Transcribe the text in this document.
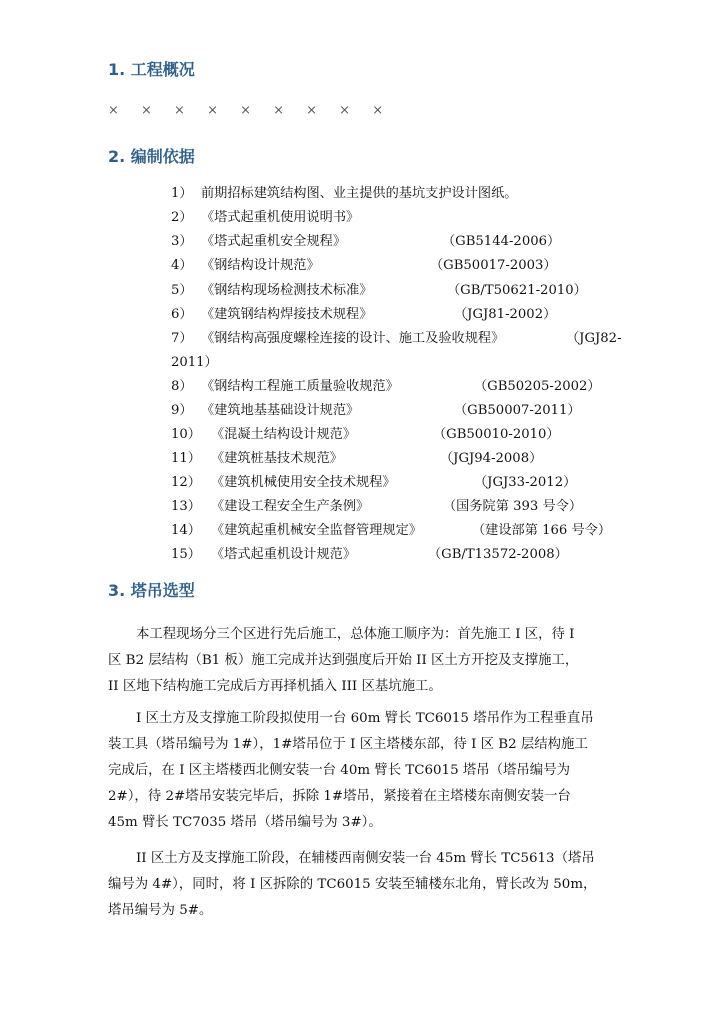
1. 工程概况
× × × × × × × × ×
2. 编制依据
1） 前期招标建筑结构图、业主提供的基坑支护设计图纸。
2） 《塔式起重机使用说明书》
3） 《塔式起重机安全规程》	（GB5144-2006）
4） 《钢结构设计规范》	（GB50017-2003）
5） 《钢结构现场检测技术标准》	（GB/T50621-2010）
6） 《建筑钢结构焊接技术规程》	（JGJ81-2002）
7） 《钢结构高强度螺栓连接的设计、施工及验收规程》	（JGJ82-
2011）
8） 《钢结构工程施工质量验收规范》	（GB50205-2002）
9） 《建筑地基基础设计规范》	（GB50007-2011）
10） 《混凝土结构设计规范》	（GB50010-2010）
11） 《建筑桩基技术规范》	（JGJ94-2008）
12） 《建筑机械使用安全技术规程》	（JGJ33-2012）
13） 《建设工程安全生产条例》	（国务院第 393 号令）
14） 《建筑起重机械安全监督管理规定》	（建设部第 166 号令）
15） 《塔式起重机设计规范》	（GB/T13572-2008）
3. 塔吊选型
本工程现场分三个区进行先后施工，总体施工顺序为：首先施工 I 区，待 I
区 B2 层结构（B1 板）施工完成并达到强度后开始 II 区土方开挖及支撑施工，
II 区地下结构施工完成后方再择机插入 III 区基坑施工。
I 区土方及支撑施工阶段拟使用一台 60m 臂长 TC6015 塔吊作为工程垂直吊
装工具（塔吊编号为 1#），1#塔吊位于 I 区主塔楼东部，待 I 区 B2 层结构施工
完成后，在 I 区主塔楼西北侧安装一台 40m 臂长 TC6015 塔吊（塔吊编号为
2#），待 2#塔吊安装完毕后，拆除 1#塔吊，紧接着在主塔楼东南侧安装一台
45m 臂长 TC7035 塔吊（塔吊编号为 3#）。
II 区土方及支撑施工阶段，在辅楼西南侧安装一台 45m 臂长 TC5613（塔吊
编号为 4#），同时，将 I 区拆除的 TC6015 安装至辅楼东北角，臂长改为 50m，
塔吊编号为 5#。
